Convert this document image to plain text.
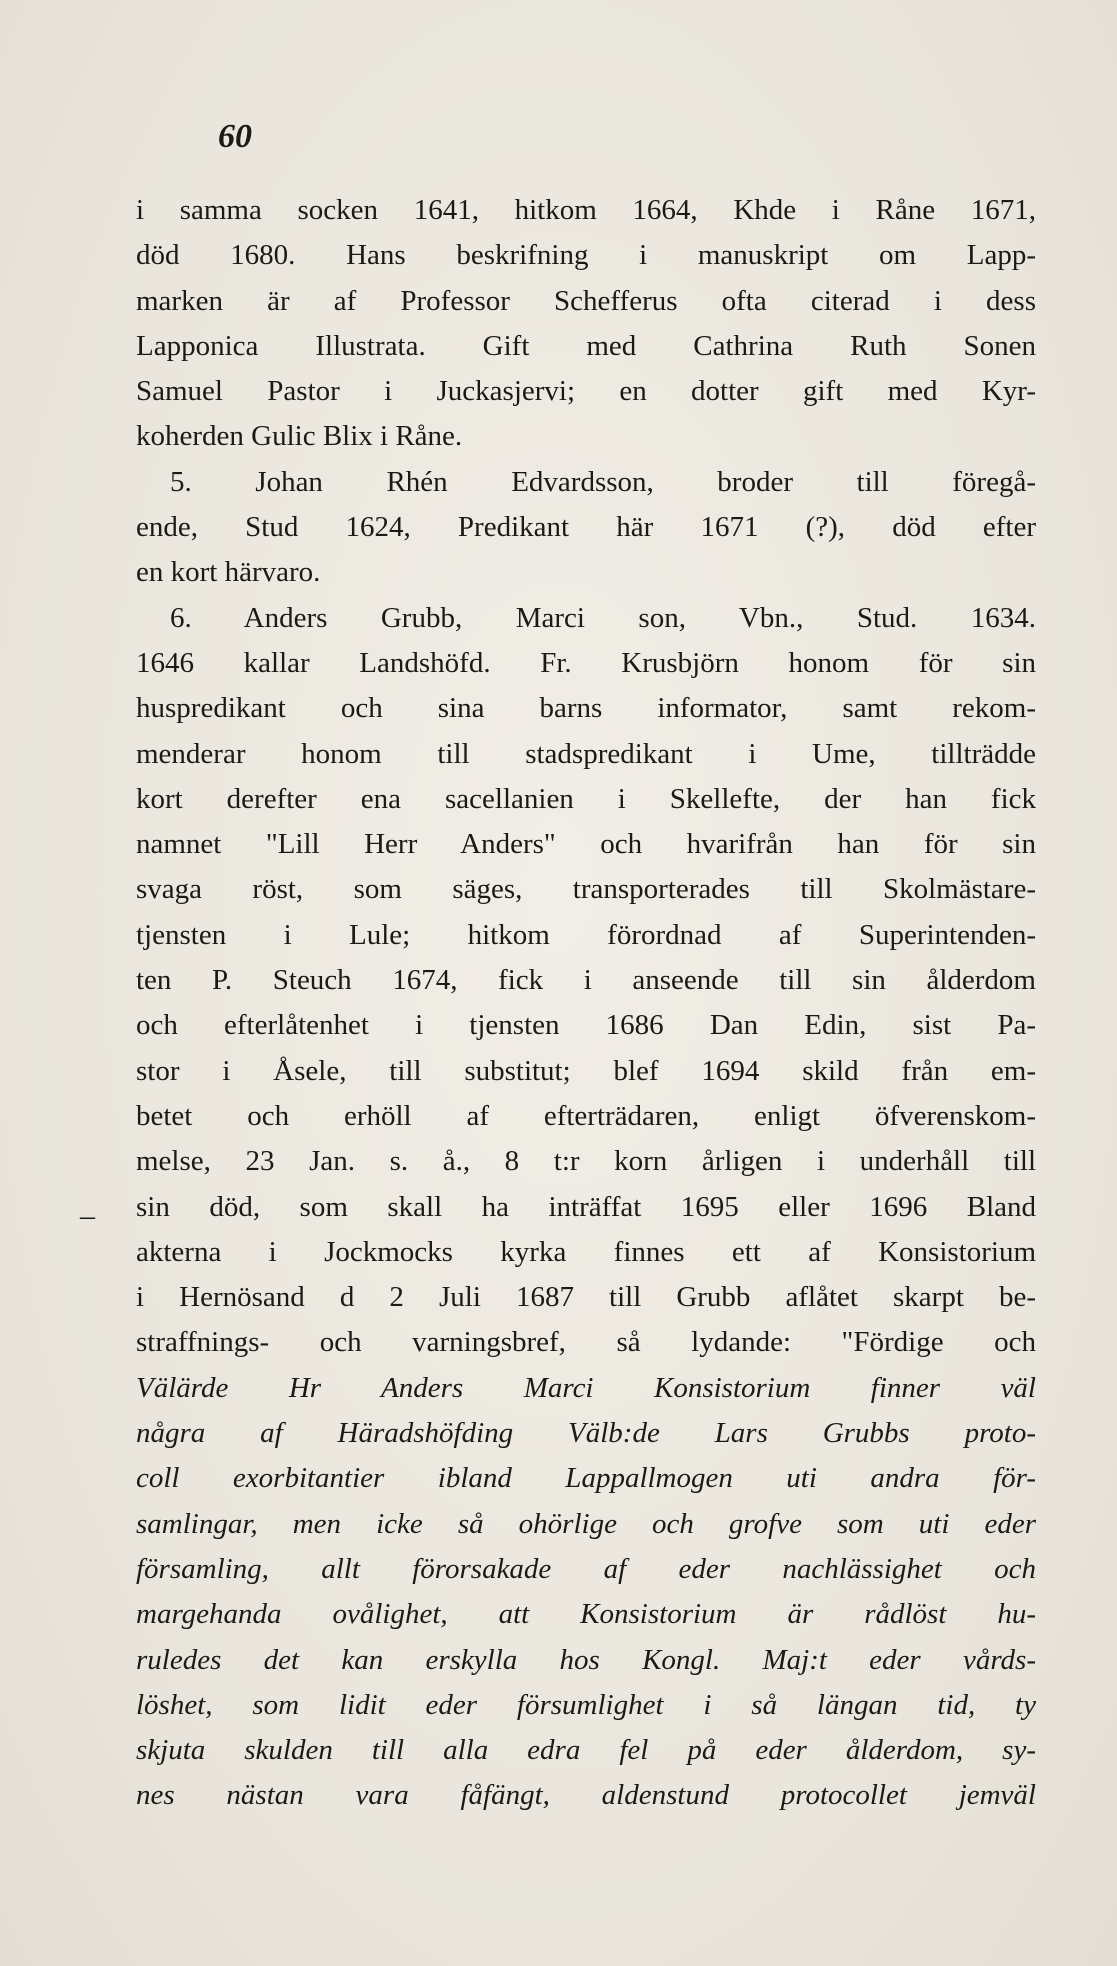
60
–
i samma socken 1641, hitkom 1664, Khde i Råne 1671,
död 1680. Hans beskrifning i manuskript om Lapp-
marken är af Professor Schefferus ofta citerad i dess
Lapponica Illustrata. Gift med Cathrina Ruth Sonen
Samuel Pastor i Juckasjervi; en dotter gift med Kyr-
koherden Gulic Blix i Råne.
5. Johan Rhén Edvardsson, broder till föregå-
ende, Stud 1624, Predikant här 1671 (?), död efter
en kort härvaro.
6. Anders Grubb, Marci son, Vbn., Stud. 1634.
1646 kallar Landshöfd. Fr. Krusbjörn honom för sin
huspredikant och sina barns informator, samt rekom-
menderar honom till stadspredikant i Ume, tillträdde
kort derefter ena sacellanien i Skellefte, der han fick
namnet "Lill Herr Anders" och hvarifrån han för sin
svaga röst, som säges, transporterades till Skolmästare-
tjensten i Lule; hitkom förordnad af Superintenden-
ten P. Steuch 1674, fick i anseende till sin ålderdom
och efterlåtenhet i tjensten 1686 Dan Edin, sist Pa-
stor i Åsele, till substitut; blef 1694 skild från em-
betet och erhöll af efterträdaren, enligt öfverenskom-
melse, 23 Jan. s. å., 8 t:r korn årligen i underhåll till
sin död, som skall ha inträffat 1695 eller 1696 Bland
akterna i Jockmocks kyrka finnes ett af Konsistorium
i Hernösand d 2 Juli 1687 till Grubb aflåtet skarpt be-
straffnings- och varningsbref, så lydande: "Fördige och
Välärde Hr Anders Marci Konsistorium finner väl
några af Häradshöfding Välb:de Lars Grubbs proto-
coll exorbitantier ibland Lappallmogen uti andra för-
samlingar, men icke så ohörlige och grofve som uti eder
församling, allt förorsakade af eder nachlässighet och
margehanda ovålighet, att Konsistorium är rådlöst hu-
ruledes det kan erskylla hos Kongl. Maj:t eder vårds-
löshet, som lidit eder försumlighet i så längan tid, ty
skjuta skulden till alla edra fel på eder ålderdom, sy-
nes nästan vara fåfängt, aldenstund protocollet jemväl
